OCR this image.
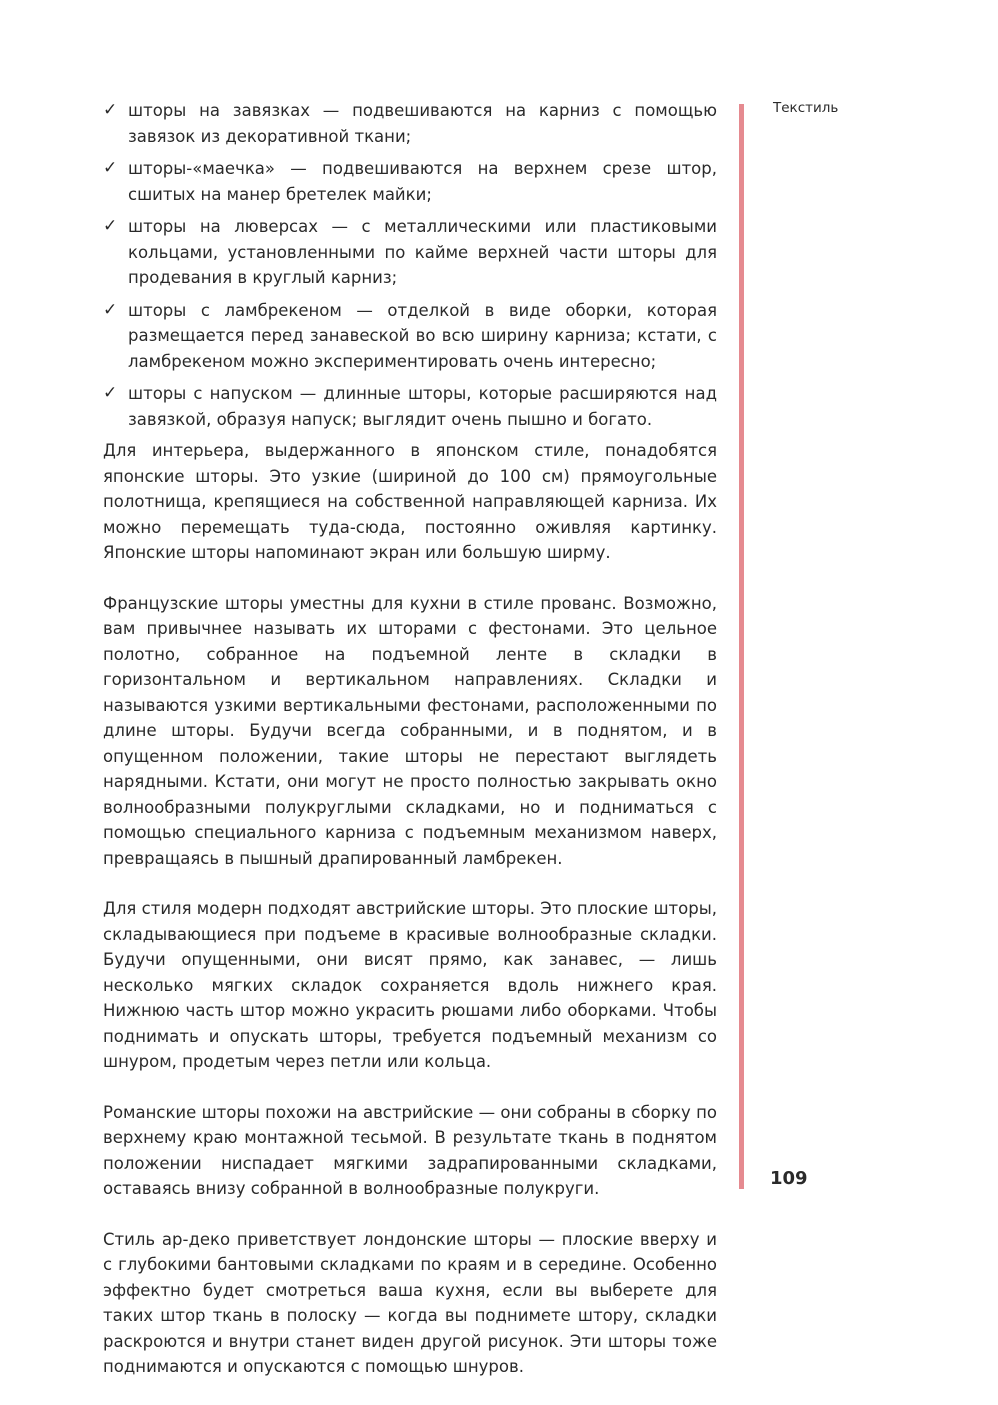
✓ шторы на завязках — подвешиваются на карниз с помощью завязок из декоративной ткани;
✓ шторы-«маечка» — подвешиваются на верхнем срезе штор, сшитых на манер бретелек майки;
✓ шторы на люверсах — с металлическими или пластиковыми кольцами, установленными по кайме верхней части шторы для продевания в круглый карниз;
✓ шторы с ламбрекеном — отделкой в виде оборки, которая размещается перед занавеской во всю ширину карниза; кстати, с ламбрекеном можно экспериментировать очень интересно;
✓ шторы с напуском — длинные шторы, которые расширяются над завязкой, образуя напуск; выглядит очень пышно и богато.

Для интерьера, выдержанного в японском стиле, понадобятся японские шторы. Это узкие (шириной до 100 см) прямоугольные полотнища, крепящиеся на собственной направляющей карниза. Их можно перемещать туда-сюда, постоянно оживляя картинку. Японские шторы напоминают экран или большую ширму.

Французские шторы уместны для кухни в стиле прованс. Возможно, вам привычнее называть их шторами с фестонами. Это цельное полотно, собранное на подъемной ленте в складки в горизонтальном и вертикальном направлениях. Складки и называются узкими вертикальными фестонами, расположенными по длине шторы. Будучи всегда собранными, и в поднятом, и в опущенном положении, такие шторы не перестают выглядеть нарядными. Кстати, они могут не просто полностью закрывать окно волнообразными полукруглыми складками, но и подниматься с помощью специального карниза с подъемным механизмом наверх, превращаясь в пышный драпированный ламбрекен.

Для стиля модерн подходят австрийские шторы. Это плоские шторы, складывающиеся при подъеме в красивые волнообразные складки. Будучи опущенными, они висят прямо, как занавес, — лишь несколько мягких складок сохраняется вдоль нижнего края. Нижнюю часть штор можно украсить рюшами либо оборками. Чтобы поднимать и опускать шторы, требуется подъемный механизм со шнуром, продетым через петли или кольца.

Романские шторы похожи на австрийские — они собраны в сборку по верхнему краю монтажной тесьмой. В результате ткань в поднятом положении ниспадает мягкими задрапированными складками, оставаясь внизу собранной в волнообразные полукруги.

Стиль ар-деко приветствует лондонские шторы — плоские вверху и с глубокими бантовыми складками по краям и в середине. Особенно эффектно будет смотреться ваша кухня, если вы выберете для таких штор ткань в полоску — когда вы поднимете штору, складки раскроются и внутри станет виден другой рисунок. Эти шторы тоже поднимаются и опускаются с помощью шнуров.

Текстиль
109
